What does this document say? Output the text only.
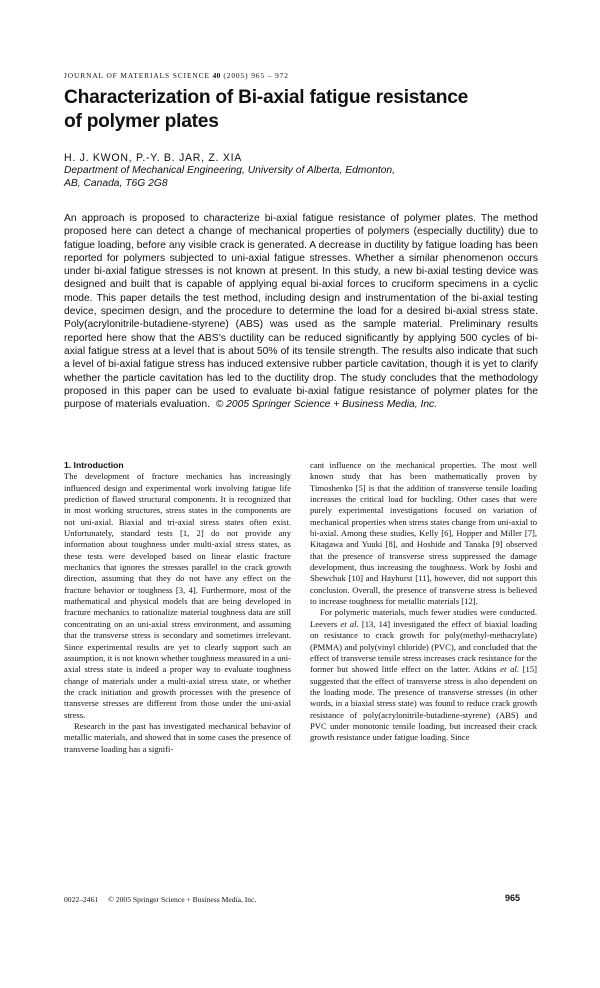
JOURNAL OF MATERIALS SCIENCE 40 (2005) 965 – 972
Characterization of Bi-axial fatigue resistance
of polymer plates
H. J. KWON, P.-Y. B. JAR, Z. XIA
Department of Mechanical Engineering, University of Alberta, Edmonton,
AB, Canada, T6G 2G8
An approach is proposed to characterize bi-axial fatigue resistance of polymer plates. The method proposed here can detect a change of mechanical properties of polymers (especially ductility) due to fatigue loading, before any visible crack is generated. A decrease in ductility by fatigue loading has been reported for polymers subjected to uni-axial fatigue stresses. Whether a similar phenomenon occurs under bi-axial fatigue stresses is not known at present. In this study, a new bi-axial testing device was designed and built that is capable of applying equal bi-axial forces to cruciform specimens in a cyclic mode. This paper details the test method, including design and instrumentation of the bi-axial testing device, specimen design, and the procedure to determine the load for a desired bi-axial stress state. Poly(acrylonitrile-butadiene-styrene) (ABS) was used as the sample material. Preliminary results reported here show that the ABS’s ductility can be reduced significantly by applying 500 cycles of bi-axial fatigue stress at a level that is about 50% of its tensile strength. The results also indicate that such a level of bi-axial fatigue stress has induced extensive rubber particle cavitation, though it is yet to clarify whether the particle cavitation has led to the ductility drop. The study concludes that the methodology proposed in this paper can be used to evaluate bi-axial fatigue resistance of polymer plates for the purpose of materials evaluation. © 2005 Springer Science + Business Media, Inc.
1. Introduction

The development of fracture mechanics has increasingly influenced design and experimental work involving fatigue life prediction of flawed structural components. It is recognized that in most working structures, stress states in the components are not uni-axial. Biaxial and tri-axial stress states often exist. Unfortunately, standard tests [1, 2] do not provide any information about toughness under multi-axial stress states, as these tests were developed based on linear elastic fracture mechanics that ignores the stresses parallel to the crack growth direction, assuming that they do not have any effect on the fracture behavior or toughness [3, 4]. Furthermore, most of the mathematical and physical models that are being developed in fracture mechanics to rationalize material toughness data are still concentrating on an uni-axial stress environment, and assuming that the transverse stress is secondary and sometimes irrelevant. Since experimental results are yet to clearly support such an assumption, it is not known whether toughness measured in a uni-axial stress state is indeed a proper way to evaluate toughness change of materials under a multi-axial stress state, or whether the crack initiation and growth processes with the presence of transverse stresses are different from those under the uni-axial stress.

Research in the past has investigated mechanical behavior of metallic materials, and showed that in some cases the presence of transverse loading has a signifi-

cant influence on the mechanical properties. The most well known study that has been mathematically proven by Timoshenko [5] is that the addition of transverse tensile loading increases the critical load for buckling. Other cases that were purely experimental investigations focused on variation of mechanical properties when stress states change from uni-axial to bi-axial. Among these studies, Kelly [6], Hopper and Miller [7], Kitagawa and Yuuki [8], and Hoshide and Tanaka [9] observed that the presence of transverse stress suppressed the damage development, thus increasing the toughness. Work by Joshi and Shewchuk [10] and Hayhurst [11], however, did not support this conclusion. Overall, the presence of transverse stress is believed to increase toughness for metallic materials [12].

For polymeric materials, much fewer studies were conducted. Leevers et al. [13, 14] investigated the effect of biaxial loading on resistance to crack growth for poly(methyl-methacrylate) (PMMA) and poly(vinyl chloride) (PVC), and concluded that the effect of transverse tensile stress increases crack resistance for the former but showed little effect on the latter. Atkins et al. [15] suggested that the effect of transverse stress is also dependent on the loading mode. The presence of transverse stresses (in other words, in a biaxial stress state) was found to reduce crack growth resistance of poly(acrylonitrile-butadiene-styrene) (ABS) and PVC under monotonic tensile loading, but increased their crack growth resistance under fatigue loading. Since

0022–2461 © 2005 Springer Science + Business Media, Inc.	965
